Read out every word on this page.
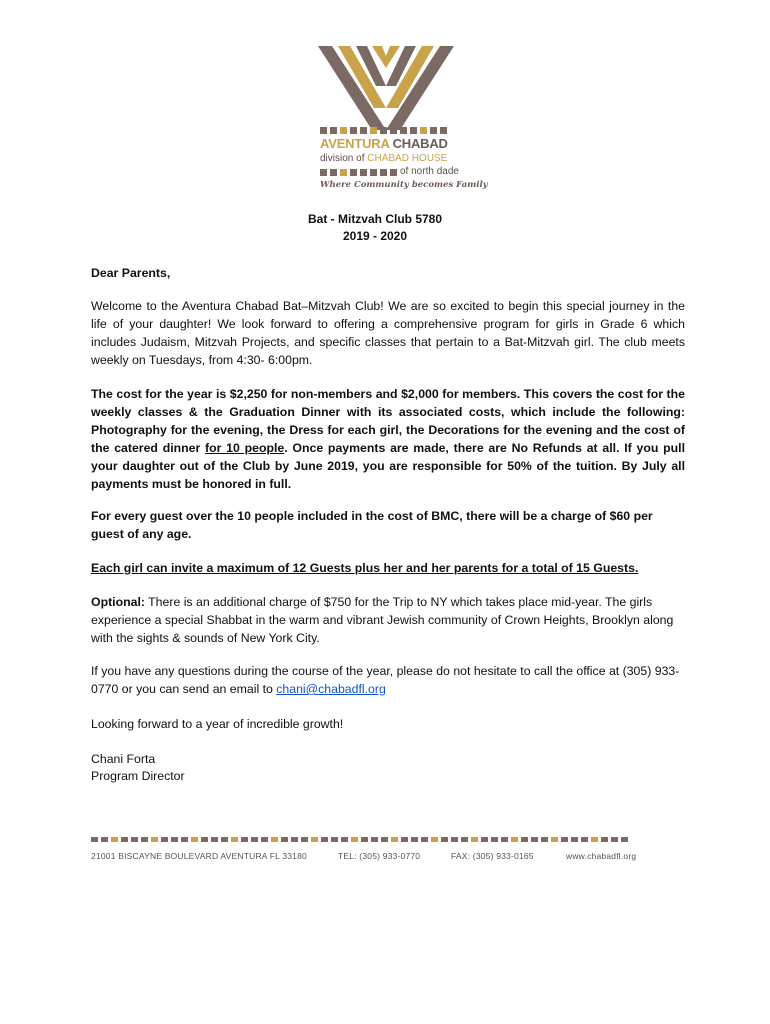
AVENTURA CHABAD
division of CHABAD HOUSE
of north dade
Where Community becomes Family
Bat - Mitzvah Club 5780
2019 - 2020
Dear Parents,
Welcome to the Aventura Chabad Bat–Mitzvah Club! We are so excited to begin this special journey in the life of your daughter! We look forward to offering a comprehensive program for girls in Grade 6 which includes Judaism, Mitzvah Projects, and specific classes that pertain to a Bat-Mitzvah girl. The club meets weekly on Tuesdays, from 4:30- 6:00pm.
The cost for the year is $2,250 for non-members and $2,000 for members. This covers the cost for the weekly classes & the Graduation Dinner with its associated costs, which include the following: Photography for the evening, the Dress for each girl, the Decorations for the evening and the cost of the catered dinner for 10 people. Once payments are made, there are No Refunds at all. If you pull your daughter out of the Club by June 2019, you are responsible for 50% of the tuition. By July all payments must be honored in full.
For every guest over the 10 people included in the cost of BMC, there will be a charge of $60 per guest of any age.
Each girl can invite a maximum of 12 Guests plus her and her parents for a total of 15 Guests.
Optional: There is an additional charge of $750 for the Trip to NY which takes place mid-year. The girls experience a special Shabbat in the warm and vibrant Jewish community of Crown Heights, Brooklyn along with the sights & sounds of New York City.
If you have any questions during the course of the year, please do not hesitate to call the office at (305) 933-0770 or you can send an email to chani@chabadfl.org
Looking forward to a year of incredible growth!
Chani Forta
Program Director
21001 BISCAYNE BOULEVARD AVENTURA FL 33180	TEL: (305) 933-0770	FAX: (305) 933-0165	www.chabadfl.org
